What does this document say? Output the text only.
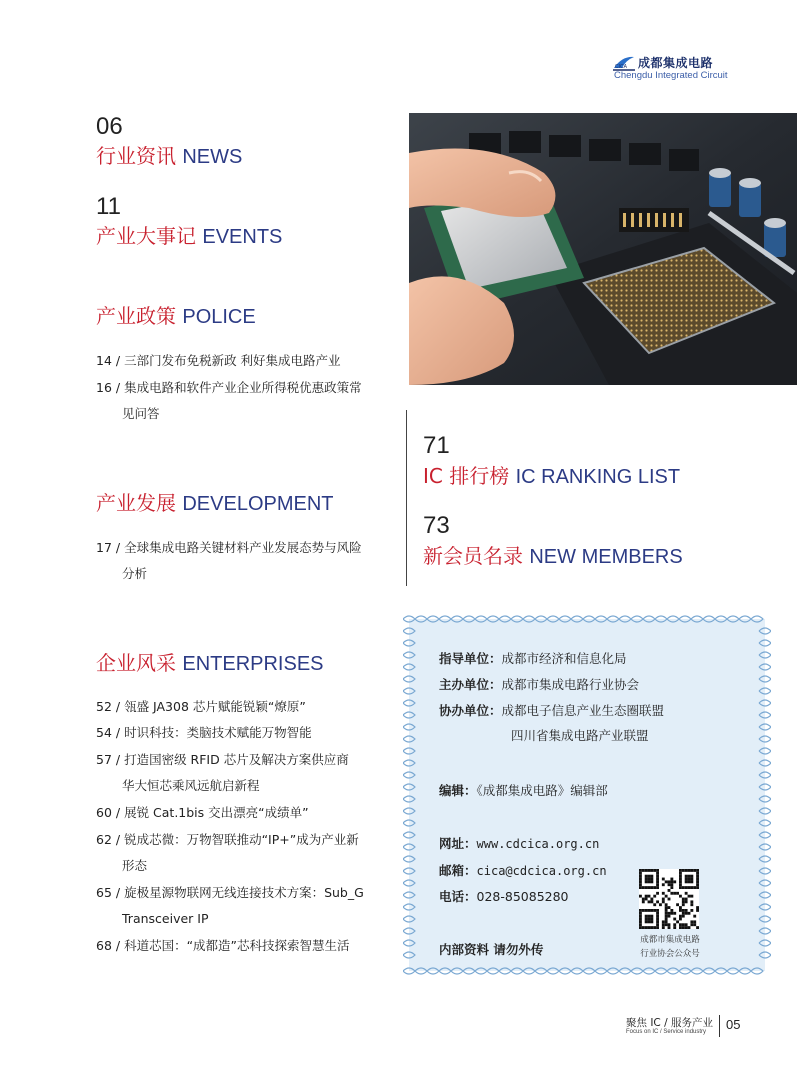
CICA 成都集成电路
Chengdu Integrated Circuit
06
行业资讯 NEWS
11
产业大事记 EVENTS
产业政策 POLICE
14 / 三部门发布免税新政 利好集成电路产业
16 / 集成电路和软件产业企业所得税优惠政策常
见问答
产业发展 DEVELOPMENT
17 / 全球集成电路关键材料产业发展态势与风险
分析
企业风采 ENTERPRISES
52 / 瓴盛 JA308 芯片赋能锐颖“燎原”
54 / 时识科技：类脑技术赋能万物智能
57 / 打造国密级 RFID 芯片及解决方案供应商
华大恒芯乘风远航启新程
60 / 展锐 Cat.1bis 交出漂亮“成绩单”
62 / 锐成芯微：万物智联推动“IP+”成为产业新
形态
65 / 旋极星源物联网无线连接技术方案：Sub_G
Transceiver IP
68 / 科道芯国：“成都造”芯科技探索智慧生活
71
IC 排行榜 IC RANKING LIST
73
新会员名录 NEW MEMBERS
指导单位：成都市经济和信息化局
主办单位：成都市集成电路行业协会
协办单位：成都电子信息产业生态圈联盟
四川省集成电路产业联盟
编辑：《成都集成电路》编辑部
网址：www.cdcica.org.cn
邮箱：cica@cdcica.org.cn
电话：028-85085280
内部资料 请勿外传
成都市集成电路
行业协会公众号
聚焦 IC / 服务产业
Focus on IC / Service industry 05
